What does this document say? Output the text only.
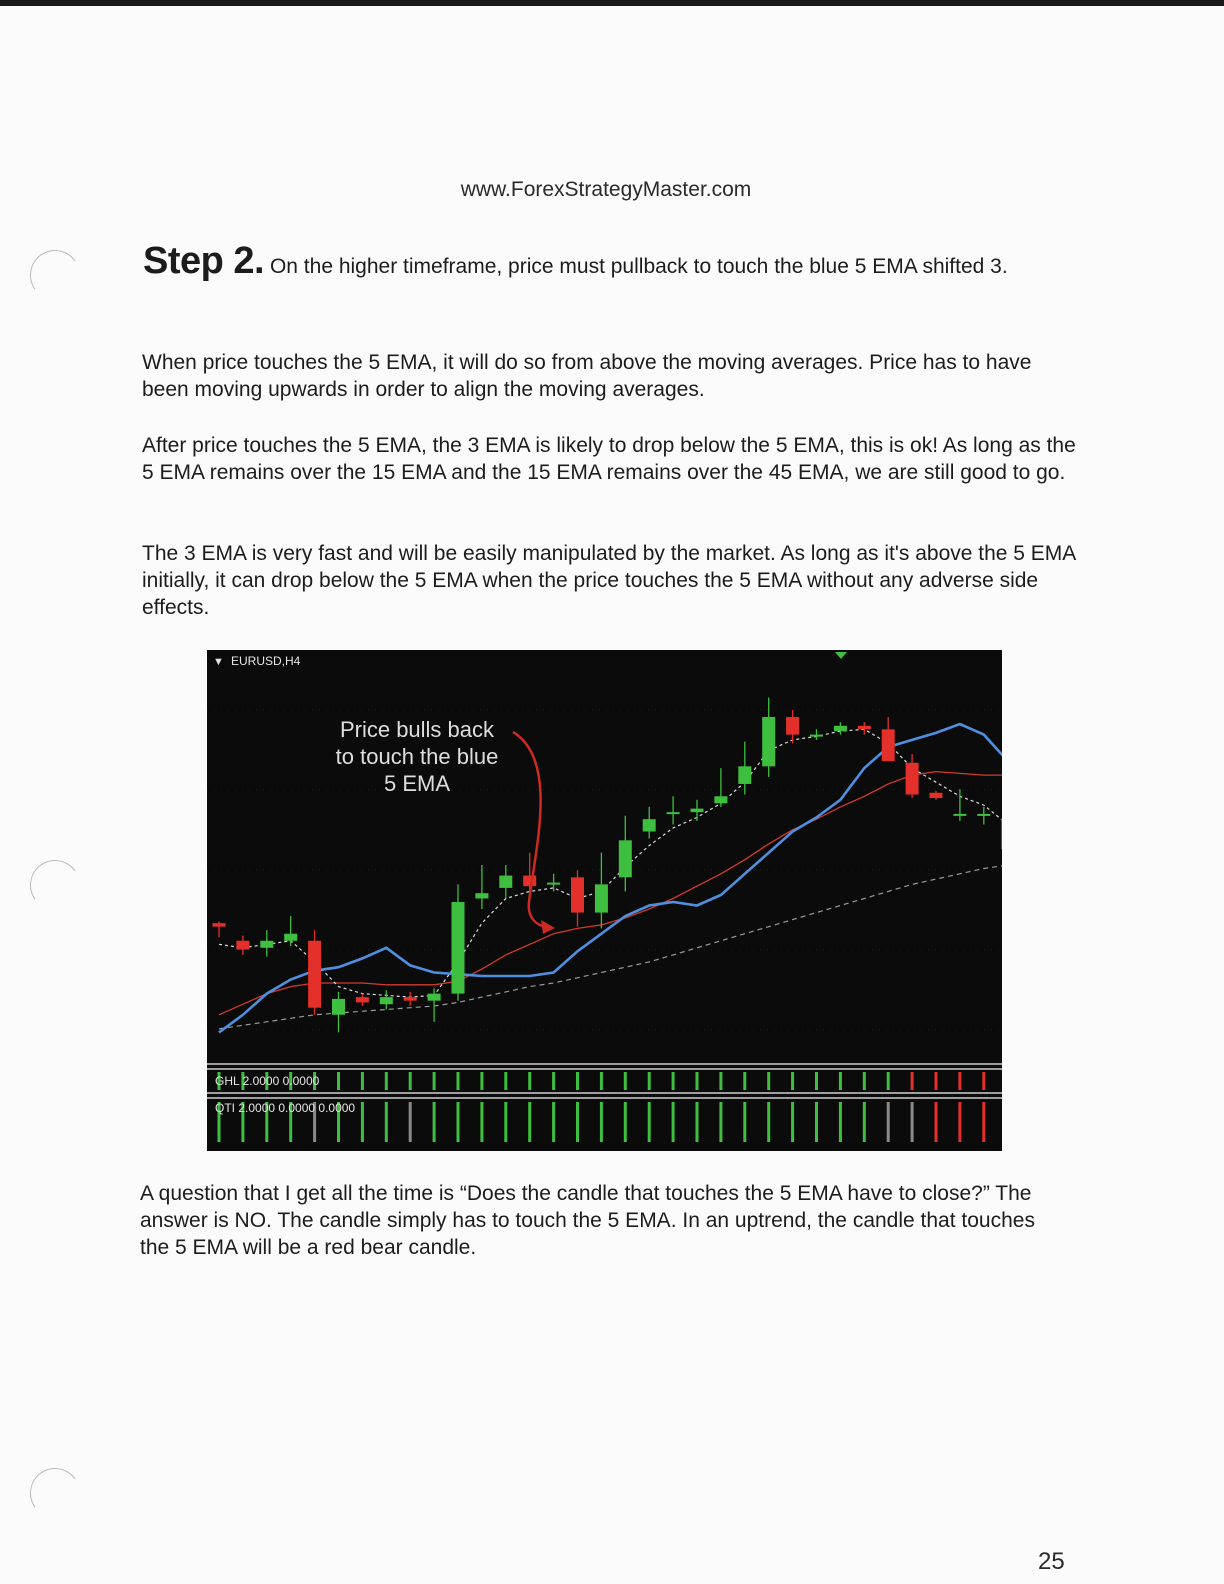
www.ForexStrategyMaster.com
Step 2. On the higher timeframe, price must pullback to touch the blue 5 EMA shifted 3.

When price touches the 5 EMA, it will do so from above the moving averages. Price has to have been moving upwards in order to align the moving averages.

After price touches the 5 EMA, the 3 EMA is likely to drop below the 5 EMA, this is ok! As long as the 5 EMA remains over the 15 EMA and the 15 EMA remains over the 45 EMA, we are still good to go.

The 3 EMA is very fast and will be easily manipulated by the market. As long as it's above the 5 EMA initially, it can drop below the 5 EMA when the price touches the 5 EMA without any adverse side effects.

▼ EURUSD,H4
Price bulls back
to touch the blue
5 EMA
GHL 2.0000 0.0000
QTI 2.0000 0.0000 0.0000

A question that I get all the time is “Does the candle that touches the 5 EMA have to close?” The answer is NO. The candle simply has to touch the 5 EMA. In an uptrend, the candle that touches the 5 EMA will be a red bear candle.

25
